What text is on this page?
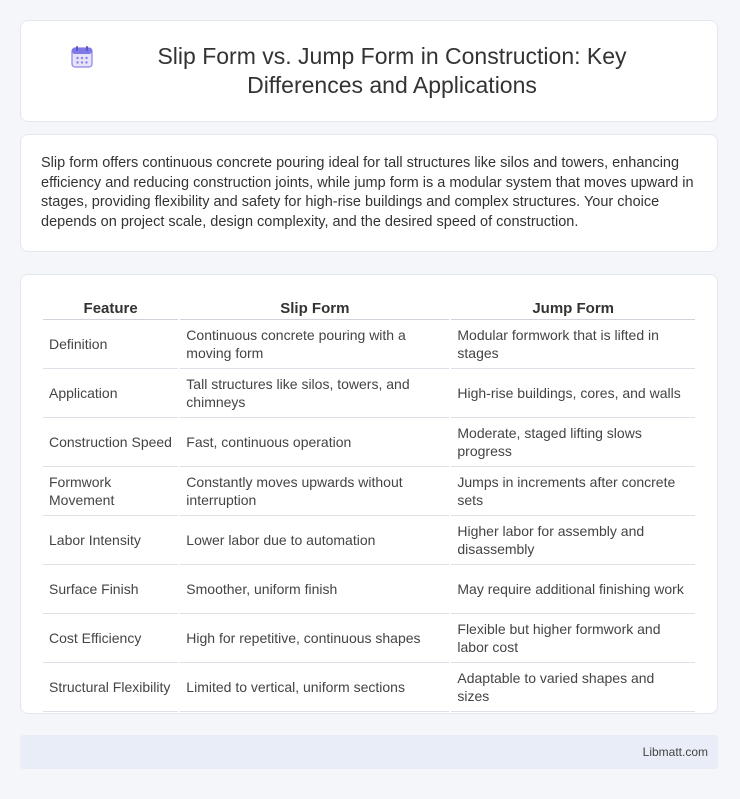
Slip Form vs. Jump Form in Construction: Key Differences and Applications

Slip form offers continuous concrete pouring ideal for tall structures like silos and towers, enhancing efficiency and reducing construction joints, while jump form is a modular system that moves upward in stages, providing flexibility and safety for high-rise buildings and complex structures. Your choice depends on project scale, design complexity, and the desired speed of construction.

Feature	Slip Form	Jump Form
Definition	Continuous concrete pouring with a moving form	Modular formwork that is lifted in stages
Application	Tall structures like silos, towers, and chimneys	High-rise buildings, cores, and walls
Construction Speed	Fast, continuous operation	Moderate, staged lifting slows progress
Formwork Movement	Constantly moves upwards without interruption	Jumps in increments after concrete sets
Labor Intensity	Lower labor due to automation	Higher labor for assembly and disassembly
Surface Finish	Smoother, uniform finish	May require additional finishing work
Cost Efficiency	High for repetitive, continuous shapes	Flexible but higher formwork and labor cost
Structural Flexibility	Limited to vertical, uniform sections	Adaptable to varied shapes and sizes
Libmatt.com
